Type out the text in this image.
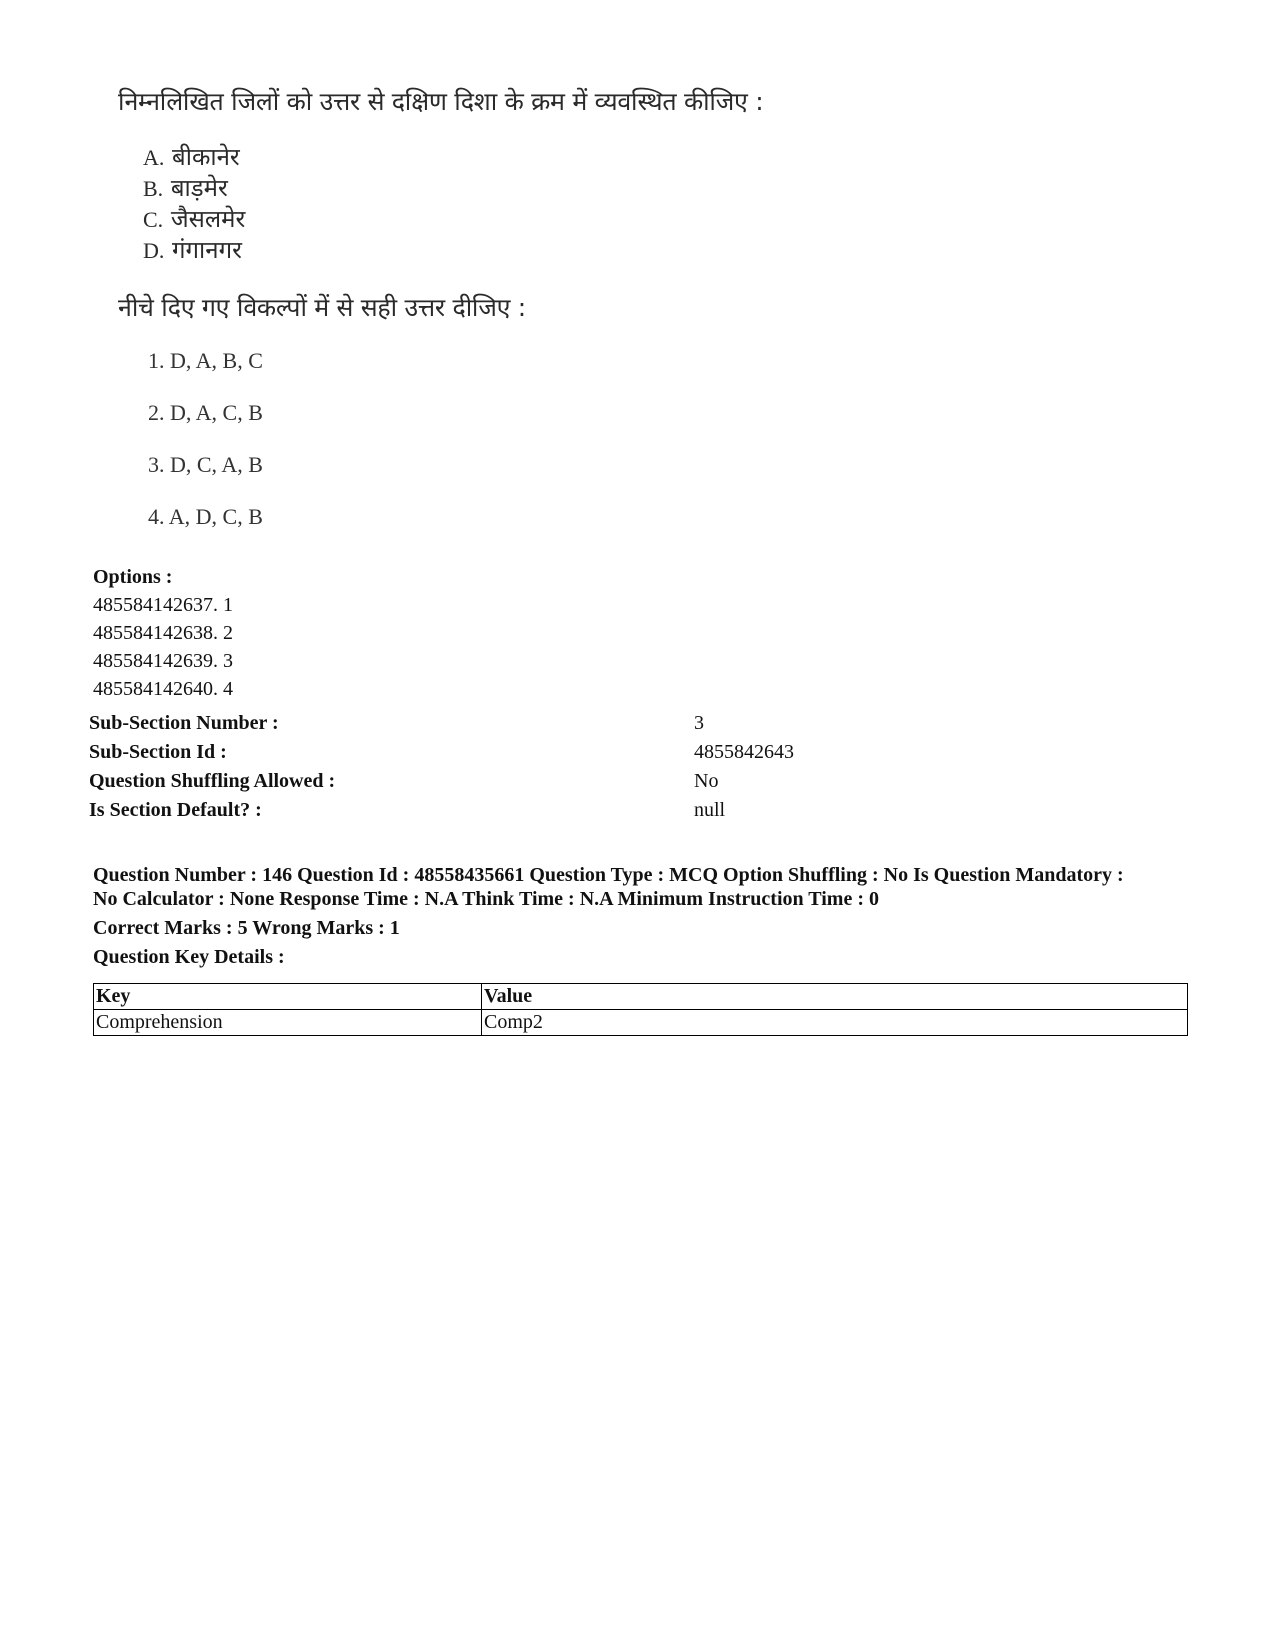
निम्नलिखित जिलों को उत्तर से दक्षिण दिशा के क्रम में व्यवस्थित कीजिए :
A. बीकानेर
B. बाड़मेर
C. जैसलमेर
D. गंगानगर
नीचे दिए गए विकल्पों में से सही उत्तर दीजिए :
1. D, A, B, C
2. D, A, C, B
3. D, C, A, B
4. A, D, C, B
Options :
485584142637. 1
485584142638. 2
485584142639. 3
485584142640. 4
Sub-Section Number :	3
Sub-Section Id :	4855842643
Question Shuffling Allowed :	No
Is Section Default? :	null
Question Number : 146 Question Id : 48558435661 Question Type : MCQ Option Shuffling : No Is Question Mandatory :
No Calculator : None Response Time : N.A Think Time : N.A Minimum Instruction Time : 0
Correct Marks : 5 Wrong Marks : 1
Question Key Details :
Key	Value
Comprehension	Comp2
